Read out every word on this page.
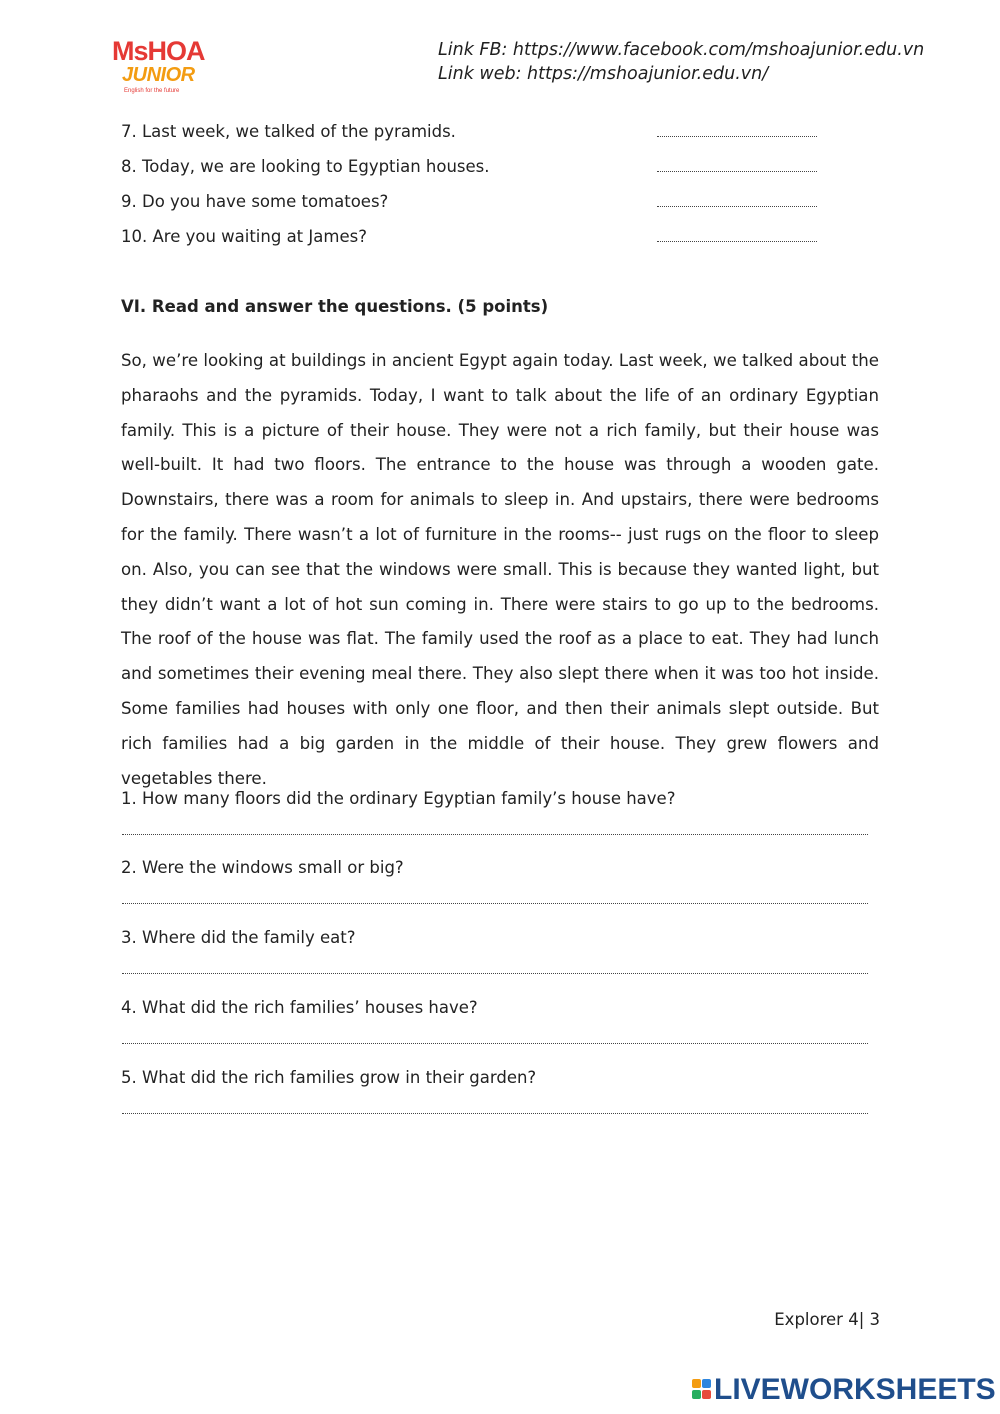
MsHOA
JUNIOR
English for the future
Link FB: https://www.facebook.com/mshoajunior.edu.vn
Link web: https://mshoajunior.edu.vn/
7. Last week, we talked of the pyramids.
8. Today, we are looking to Egyptian houses.
9. Do you have some tomatoes?
10. Are you waiting at James?
VI. Read and answer the questions. (5 points)
So, we’re looking at buildings in ancient Egypt again today. Last week, we talked about the pharaohs and the pyramids. Today, I want to talk about the life of an ordinary Egyptian family. This is a picture of their house. They were not a rich family, but their house was well-built. It had two floors. The entrance to the house was through a wooden gate. Downstairs, there was a room for animals to sleep in. And upstairs, there were bedrooms for the family. There wasn’t a lot of furniture in the rooms-- just rugs on the floor to sleep on. Also, you can see that the windows were small. This is because they wanted light, but they didn’t want a lot of hot sun coming in. There were stairs to go up to the bedrooms. The roof of the house was flat. The family used the roof as a place to eat. They had lunch and sometimes their evening meal there. They also slept there when it was too hot inside. Some families had houses with only one floor, and then their animals slept outside. But rich families had a big garden in the middle of their house. They grew flowers and vegetables there.
1. How many floors did the ordinary Egyptian family’s house have?
2. Were the windows small or big?
3. Where did the family eat?
4. What did the rich families’ houses have?
5. What did the rich families grow in their garden?
Explorer 4| 3
LIVEWORKSHEETS
